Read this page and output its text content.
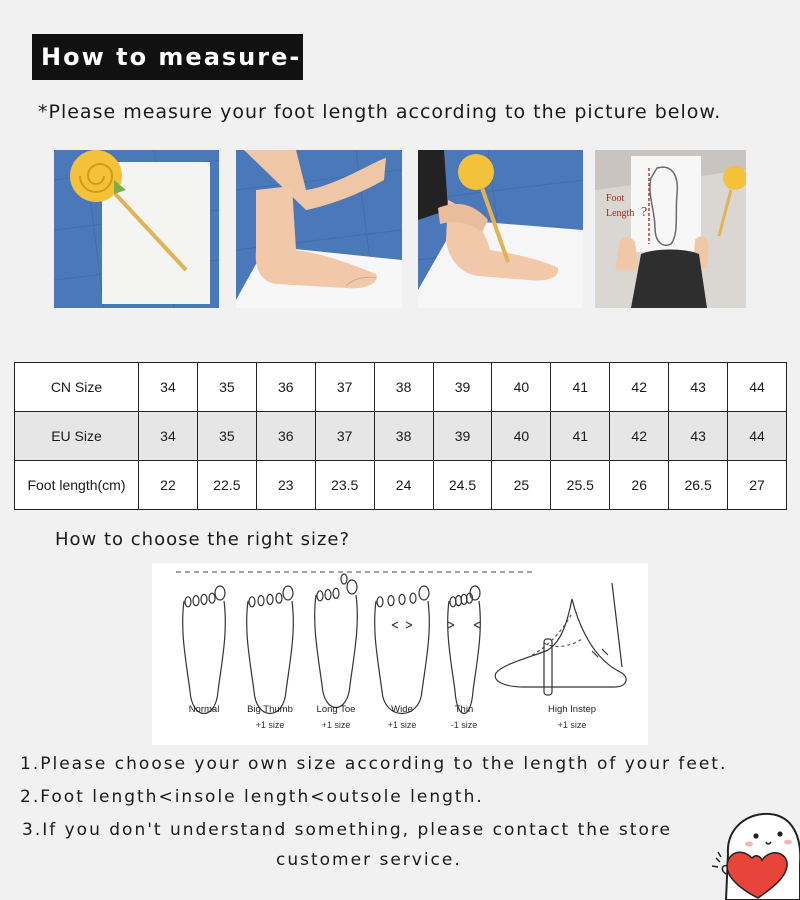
How to measure-
*Please measure your foot length according to the picture below.
Foot
Length ?
CN Size	34	35	36	37	38	39	40	41	42	43	44
EU Size	34	35	36	37	38	39	40	41	42	43	44
Foot length(cm)	22	22.5	23	23.5	24	24.5	25	25.5	26	26.5	27
How to choose the right size?
Normal	Big Thumb
+1 size
Long Toe
+1 size
Wide
+1 size
Thin
-1 size
High Instep
+1 size
1.Please choose your own size according to the length of your feet.
2.Foot length<insole length<outsole length.
3.If you don't understand something, please contact the store
customer service.
